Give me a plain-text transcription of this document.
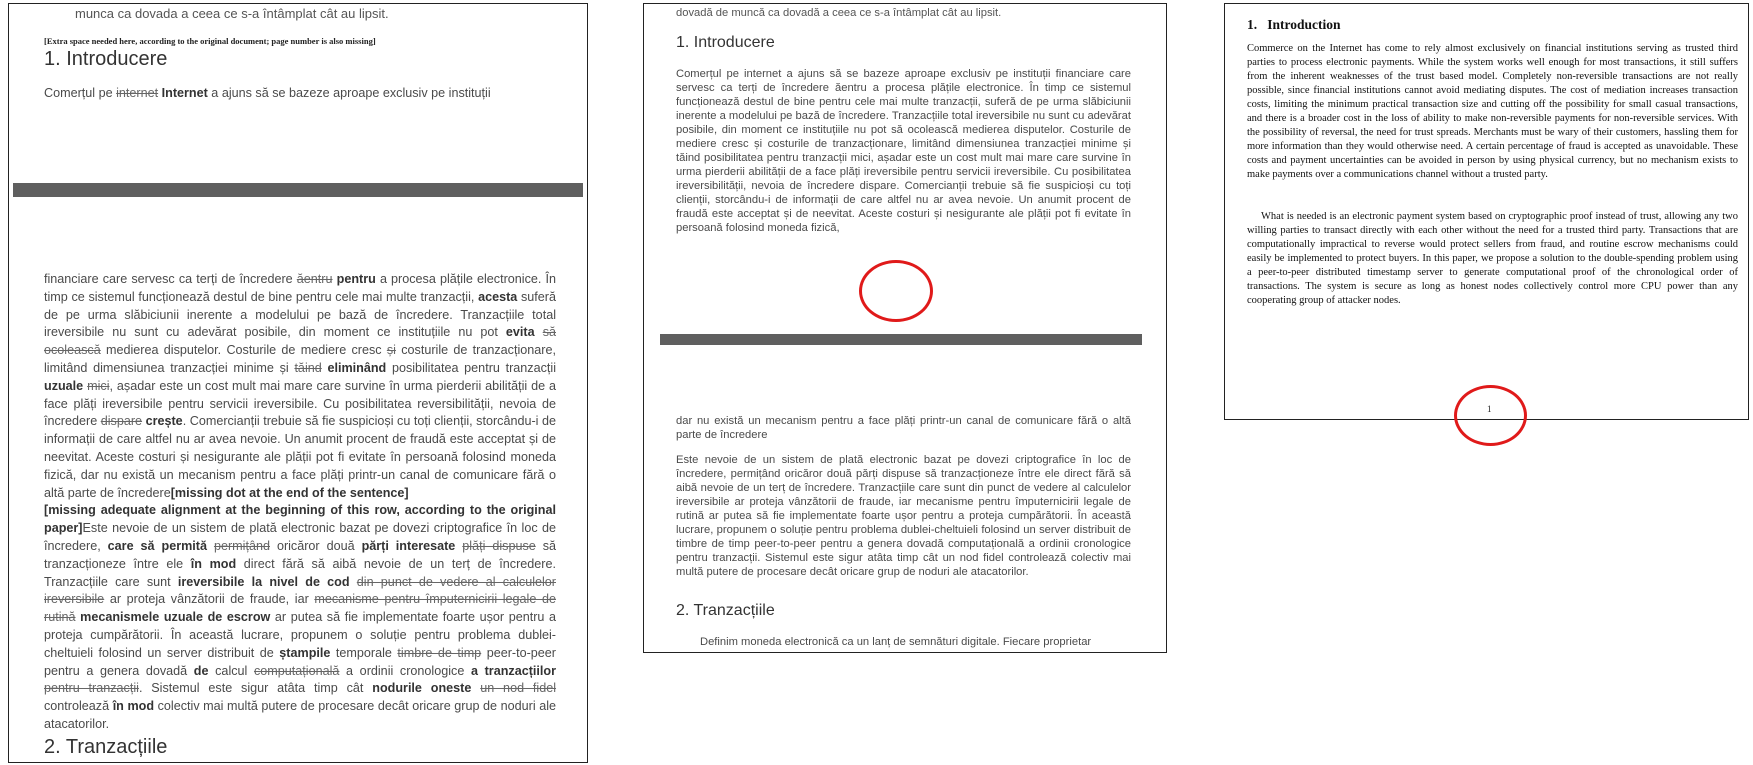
munca ca dovada a ceea ce s-a întâmplat cât au lipsit.
[Extra space needed here, according to the original document; page number is also missing]
1. Introducere
Comerțul pe internet Internet a ajuns să se bazeze aproape exclusiv pe instituții
financiare care servesc ca terți de încredere ăentru pentru a procesa plățile electronice. În timp ce sistemul funcționează destul de bine pentru cele mai multe tranzacții, acesta suferă de pe urma slăbiciunii inerente a modelului pe bază de încredere. Tranzacțiile total ireversibile nu sunt cu adevărat posibile, din moment ce instituțiile nu pot evita să ocolească medierea disputelor. Costurile de mediere cresc și costurile de tranzacționare, limitând dimensiunea tranzacției minime și tăind eliminând posibilitatea pentru tranzacții uzuale mici, așadar este un cost mult mai mare care survine în urma pierderii abilității de a face plăți ireversibile pentru servicii ireversibile. Cu posibilitatea reversibilității, nevoia de încredere dispare crește. Comercianții trebuie să fie suspicioși cu toți clienții, storcându-i de informații de care altfel nu ar avea nevoie. Un anumit procent de fraudă este acceptat și de neevitat. Aceste costuri și nesigurante ale plății pot fi evitate în persoană folosind moneda fizică, dar nu există un mecanism pentru a face plăți printr-un canal de comunicare fără o altă parte de încredere[missing dot at the end of the sentence]
[missing adequate alignment at the beginning of this row, according to the original paper]Este nevoie de un sistem de plată electronic bazat pe dovezi criptografice în loc de încredere, care să permită permițând oricăror două părți interesate plăți dispuse să tranzacționeze între ele în mod direct fără să aibă nevoie de un terț de încredere. Tranzacțiile care sunt ireversibile la nivel de cod din punct de vedere al calculelor ireversibile ar proteja vânzătorii de fraude, iar mecanisme pentru împuternicirii legale de rutină mecanismele uzuale de escrow ar putea să fie implementate foarte ușor pentru a proteja cumpărătorii. În această lucrare, propunem o soluție pentru problema dublei-cheltuieli folosind un server distribuit de ștampile temporale timbre de timp peer-to-peer pentru a genera dovadă de calcul computațională a ordinii cronologice a tranzacțiilor pentru tranzacții. Sistemul este sigur atâta timp cât nodurile oneste un nod fidel controlează în mod colectiv mai multă putere de procesare decât oricare grup de noduri ale atacatorilor.
2. Tranzacțiile
dovadă de muncă ca dovadă a ceea ce s-a întâmplat cât au lipsit.
1. Introducere
Comerțul pe internet a ajuns să se bazeze aproape exclusiv pe instituții financiare care servesc ca terți de încredere ăentru a procesa plățile electronice. În timp ce sistemul funcționează destul de bine pentru cele mai multe tranzacții, suferă de pe urma slăbiciunii inerente a modelului pe bază de încredere. Tranzacțiile total ireversibile nu sunt cu adevărat posibile, din moment ce instituțiile nu pot să ocolească medierea disputelor. Costurile de mediere cresc și costurile de tranzacționare, limitând dimensiunea tranzacției minime și tăind posibilitatea pentru tranzacții mici, așadar este un cost mult mai mare care survine în urma pierderii abilității de a face plăți ireversibile pentru servicii ireversibile. Cu posibilitatea ireversibilității, nevoia de încredere dispare. Comercianții trebuie să fie suspicioși cu toți clienții, storcându-i de informații de care altfel nu ar avea nevoie. Un anumit procent de fraudă este acceptat și de neevitat. Aceste costuri și nesigurante ale plății pot fi evitate în persoană folosind moneda fizică,
dar nu există un mecanism pentru a face plăți printr-un canal de comunicare fără o altă parte de încredere
Este nevoie de un sistem de plată electronic bazat pe dovezi criptografice în loc de încredere, permițând oricăror două părți dispuse să tranzacționeze între ele direct fără să aibă nevoie de un terț de încredere. Tranzacțiile care sunt din punct de vedere al calculelor ireversibile ar proteja vânzătorii de fraude, iar mecanisme pentru împuternicirii legale de rutină ar putea să fie implementate foarte ușor pentru a proteja cumpărătorii. În această lucrare, propunem o soluție pentru problema dublei-cheltuieli folosind un server distribuit de timbre de timp peer-to-peer pentru a genera dovadă computațională a ordinii cronologice pentru tranzacții. Sistemul este sigur atâta timp cât un nod fidel controlează colectiv mai multă putere de procesare decât oricare grup de noduri ale atacatorilor.
2. Tranzacțiile
Definim moneda electronică ca un lanț de semnături digitale. Fiecare proprietar
1. Introduction
Commerce on the Internet has come to rely almost exclusively on financial institutions serving as trusted third parties to process electronic payments. While the system works well enough for most transactions, it still suffers from the inherent weaknesses of the trust based model. Completely non-reversible transactions are not really possible, since financial institutions cannot avoid mediating disputes. The cost of mediation increases transaction costs, limiting the minimum practical transaction size and cutting off the possibility for small casual transactions, and there is a broader cost in the loss of ability to make non-reversible payments for non-reversible services. With the possibility of reversal, the need for trust spreads. Merchants must be wary of their customers, hassling them for more information than they would otherwise need. A certain percentage of fraud is accepted as unavoidable. These costs and payment uncertainties can be avoided in person by using physical currency, but no mechanism exists to make payments over a communications channel without a trusted party.
What is needed is an electronic payment system based on cryptographic proof instead of trust, allowing any two willing parties to transact directly with each other without the need for a trusted third party. Transactions that are computationally impractical to reverse would protect sellers from fraud, and routine escrow mechanisms could easily be implemented to protect buyers. In this paper, we propose a solution to the double-spending problem using a peer-to-peer distributed timestamp server to generate computational proof of the chronological order of transactions. The system is secure as long as honest nodes collectively control more CPU power than any cooperating group of attacker nodes.
1
